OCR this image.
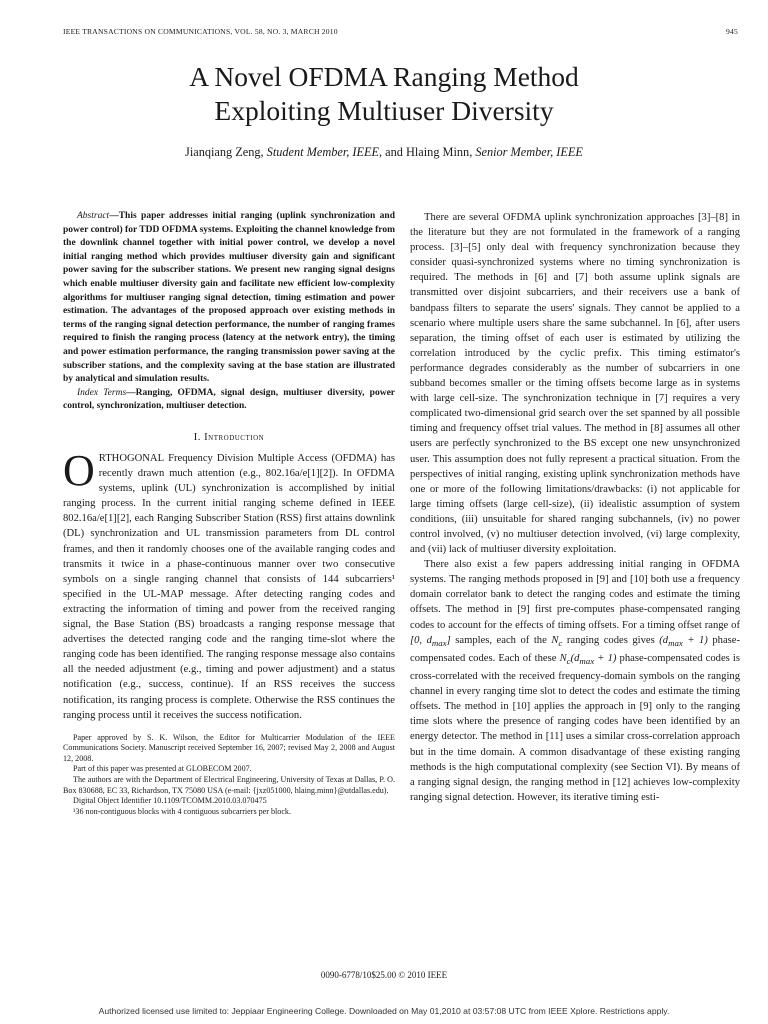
IEEE TRANSACTIONS ON COMMUNICATIONS, VOL. 58, NO. 3, MARCH 2010	945
A Novel OFDMA Ranging Method
Exploiting Multiuser Diversity
Jianqiang Zeng, Student Member, IEEE, and Hlaing Minn, Senior Member, IEEE

Abstract—This paper addresses initial ranging (uplink synchronization and power control) for TDD OFDMA systems. Exploiting the channel knowledge from the downlink channel together with initial power control, we develop a novel initial ranging method which provides multiuser diversity gain and significant power saving for the subscriber stations. We present new ranging signal designs which enable multiuser diversity gain and facilitate new efficient low-complexity algorithms for multiuser ranging signal detection, timing estimation and power estimation. The advantages of the proposed approach over existing methods in terms of the ranging signal detection performance, the number of ranging frames required to finish the ranging process (latency at the network entry), the timing and power estimation performance, the ranging transmission power saving at the subscriber stations, and the complexity saving at the base station are illustrated by analytical and simulation results.

Index Terms—Ranging, OFDMA, signal design, multiuser diversity, power control, synchronization, multiuser detection.

I. Introduction

ORTHOGONAL Frequency Division Multiple Access (OFDMA) has recently drawn much attention (e.g., 802.16a/e[1][2]). In OFDMA systems, uplink (UL) synchronization is accomplished by initial ranging process. In the current initial ranging scheme defined in IEEE 802.16a/e[1][2], each Ranging Subscriber Station (RSS) first attains downlink (DL) synchronization and UL transmission parameters from DL control frames, and then it randomly chooses one of the available ranging codes and transmits it twice in a phase-continuous manner over two consecutive symbols on a single ranging channel that consists of 144 subcarriers¹ specified in the UL-MAP message. After detecting ranging codes and extracting the information of timing and power from the received ranging signal, the Base Station (BS) broadcasts a ranging response message that advertises the detected ranging code and the ranging time-slot where the ranging code has been identified. The ranging response message also contains all the needed adjustment (e.g., timing and power adjustment) and a status notification (e.g., success, continue). If an RSS receives the success notification, its ranging process is complete. Otherwise the RSS continues the ranging process until it receives the success notification.

Paper approved by S. K. Wilson, the Editor for Multicarrier Modulation of the IEEE Communications Society. Manuscript received September 16, 2007; revised May 2, 2008 and August 12, 2008.

Part of this paper was presented at GLOBECOM 2007.

The authors are with the Department of Electrical Engineering, University of Texas at Dallas, P. O. Box 830688, EC 33, Richardson, TX 75080 USA (e-mail: {jxz051000, hlaing.minn}@utdallas.edu).

Digital Object Identifier 10.1109/TCOMM.2010.03.070475

¹36 non-contiguous blocks with 4 contiguous subcarriers per block.

There are several OFDMA uplink synchronization approaches [3]–[8] in the literature but they are not formulated in the framework of a ranging process. [3]–[5] only deal with frequency synchronization because they consider quasi-synchronized systems where no timing synchronization is required. The methods in [6] and [7] both assume uplink signals are transmitted over disjoint subcarriers, and their receivers use a bank of bandpass filters to separate the users' signals. They cannot be applied to a scenario where multiple users share the same subchannel. In [6], after users separation, the timing offset of each user is estimated by utilizing the correlation introduced by the cyclic prefix. This timing estimator's performance degrades considerably as the number of subcarriers in one subband becomes smaller or the timing offsets become large as in systems with large cell-size. The synchronization technique in [7] requires a very complicated two-dimensional grid search over the set spanned by all possible timing and frequency offset trial values. The method in [8] assumes all other users are perfectly synchronized to the BS except one new unsynchronized user. This assumption does not fully represent a practical situation. From the perspectives of initial ranging, existing uplink synchronization methods have one or more of the following limitations/drawbacks: (i) not applicable for large timing offsets (large cell-size), (ii) idealistic assumption of system conditions, (iii) unsuitable for shared ranging subchannels, (iv) no power control involved, (v) no multiuser detection involved, (vi) large complexity, and (vii) lack of multiuser diversity exploitation.

There also exist a few papers addressing initial ranging in OFDMA systems. The ranging methods proposed in [9] and [10] both use a frequency domain correlator bank to detect the ranging codes and estimate the timing offsets. The method in [9] first pre-computes phase-compensated ranging codes to account for the effects of timing offsets. For a timing offset range of [0, $d_{max}$] samples, each of the $N_c$ ranging codes gives $(d_{max} + 1)$ phase-compensated codes. Each of these $N_c(d_{max} + 1)$ phase-compensated codes is cross-correlated with the received frequency-domain symbols on the ranging channel in every ranging time slot to detect the codes and estimate the timing offsets. The method in [10] applies the approach in [9] only to the ranging time slots where the presence of ranging codes have been identified by an energy detector. The method in [11] uses a similar cross-correlation approach but in the time domain. A common disadvantage of these existing ranging methods is the high computational complexity (see Section VI). By means of a ranging signal design, the ranging method in [12] achieves low-complexity ranging signal detection. However, its iterative timing esti-

0090-6778/10$25.00 © 2010 IEEE
Authorized licensed use limited to: Jeppiaar Engineering College. Downloaded on May 01,2010 at 03:57:08 UTC from IEEE Xplore. Restrictions apply.
